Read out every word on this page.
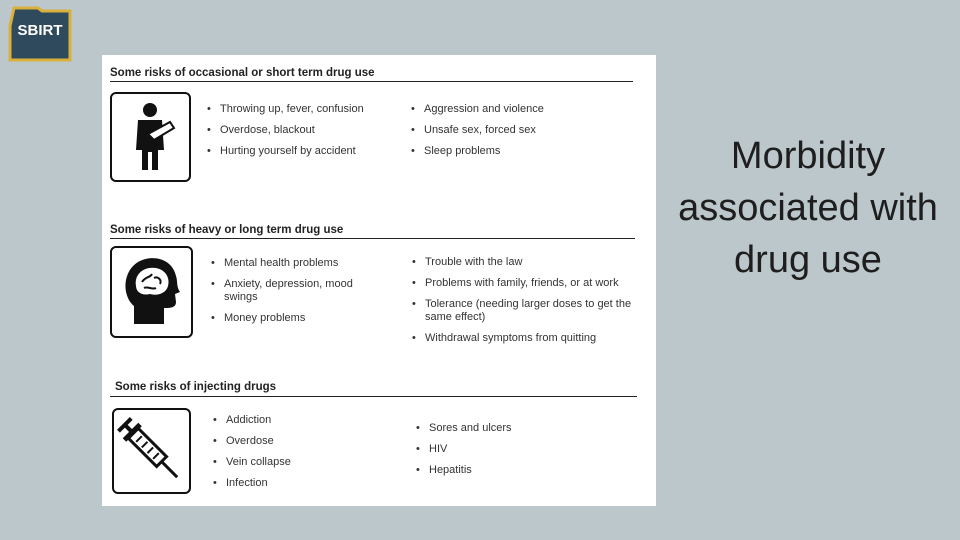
SBIRT
Some risks of occasional or short term drug use
• Throwing up, fever, confusion
• Overdose, blackout
• Hurting yourself by accident
• Aggression and violence
• Unsafe sex, forced sex
• Sleep problems
Some risks of heavy or long term drug use
• Mental health problems
• Anxiety, depression, mood swings
• Money problems
• Trouble with the law
• Problems with family, friends, or at work
• Tolerance (needing larger doses to get the same effect)
• Withdrawal symptoms from quitting
Some risks of injecting drugs
• Addiction
• Overdose
• Vein collapse
• Infection
• Sores and ulcers
• HIV
• Hepatitis
Morbidity associated with drug use
